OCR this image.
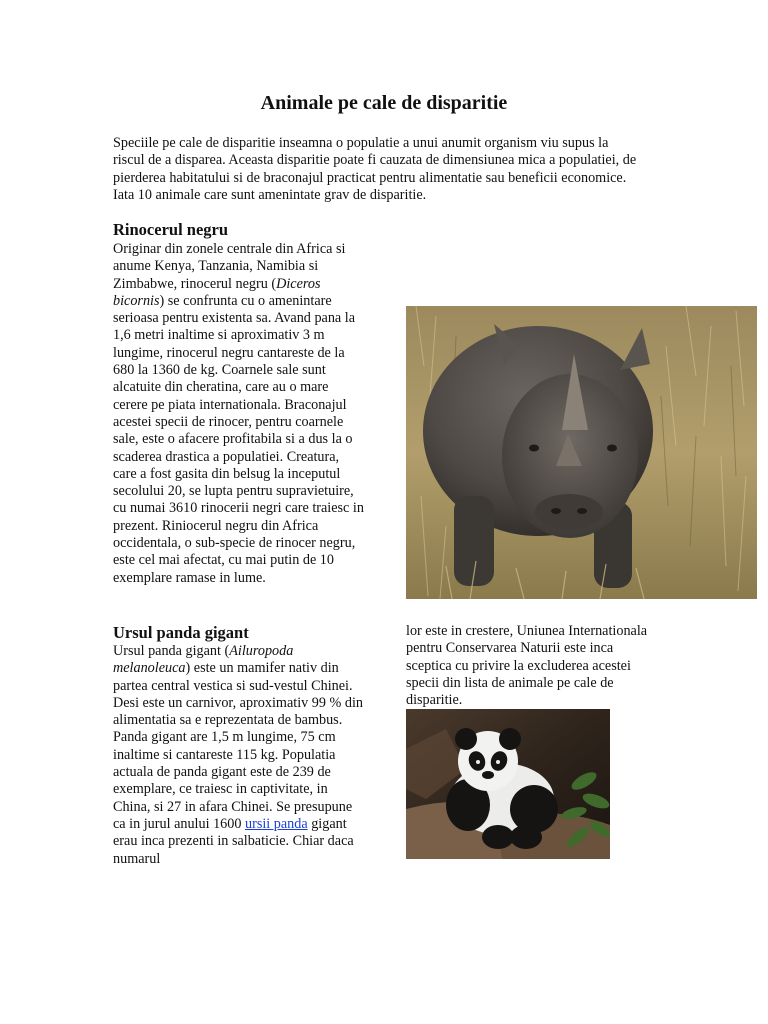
Animale pe cale de disparitie

Speciile pe cale de disparitie inseamna o populatie a unui anumit organism viu supus la riscul de a disparea. Aceasta disparitie poate fi cauzata de dimensiunea mica a populatiei, de pierderea habitatului si de braconajul practicat pentru alimentatie sau beneficii economice. Iata 10 animale care sunt amenintate grav de disparitie.

Rinocerul negru

Originar din zonele centrale din Africa si anume Kenya, Tanzania, Namibia si Zimbabwe, rinocerul negru (Diceros bicornis) se confrunta cu o amenintare serioasa pentru existenta sa. Avand pana la 1,6 metri inaltime si aproximativ 3 m lungime, rinocerul negru cantareste de la 680 la 1360 de kg. Coarnele sale sunt alcatuite din cheratina, care au o mare cerere pe piata internationala. Braconajul acestei specii de rinocer, pentru coarnele sale, este o afacere profitabila si a dus la o scaderea drastica a populatiei. Creatura, care a fost gasita din belsug la inceputul secolului 20, se lupta pentru supravietuire, cu numai 3610 rinocerii negri care traiesc in prezent. Riniocerul negru din Africa occidentala, o sub-specie de rinocer negru, este cel mai afectat, cu mai putin de 10 exemplare ramase in lume.

Ursul panda gigant

Ursul panda gigant (Ailuropoda melanoleuca) este un mamifer nativ din partea central vestica si sud-vestul Chinei. Desi este un carnivor, aproximativ 99 % din alimentatia sa e reprezentata de bambus. Panda gigant are 1,5 m lungime, 75 cm inaltime si cantareste 115 kg. Populatia actuala de panda gigant este de 239 de exemplare, ce traiesc in captivitate, in China, si 27 in afara Chinei. Se presupune ca in jurul anului 1600 ursii panda gigant erau inca prezenti in salbaticie. Chiar daca numarul

lor este in crestere, Uniunea Internationala pentru Conservarea Naturii este inca sceptica cu privire la excluderea acestei specii din lista de animale pe cale de disparitie.
